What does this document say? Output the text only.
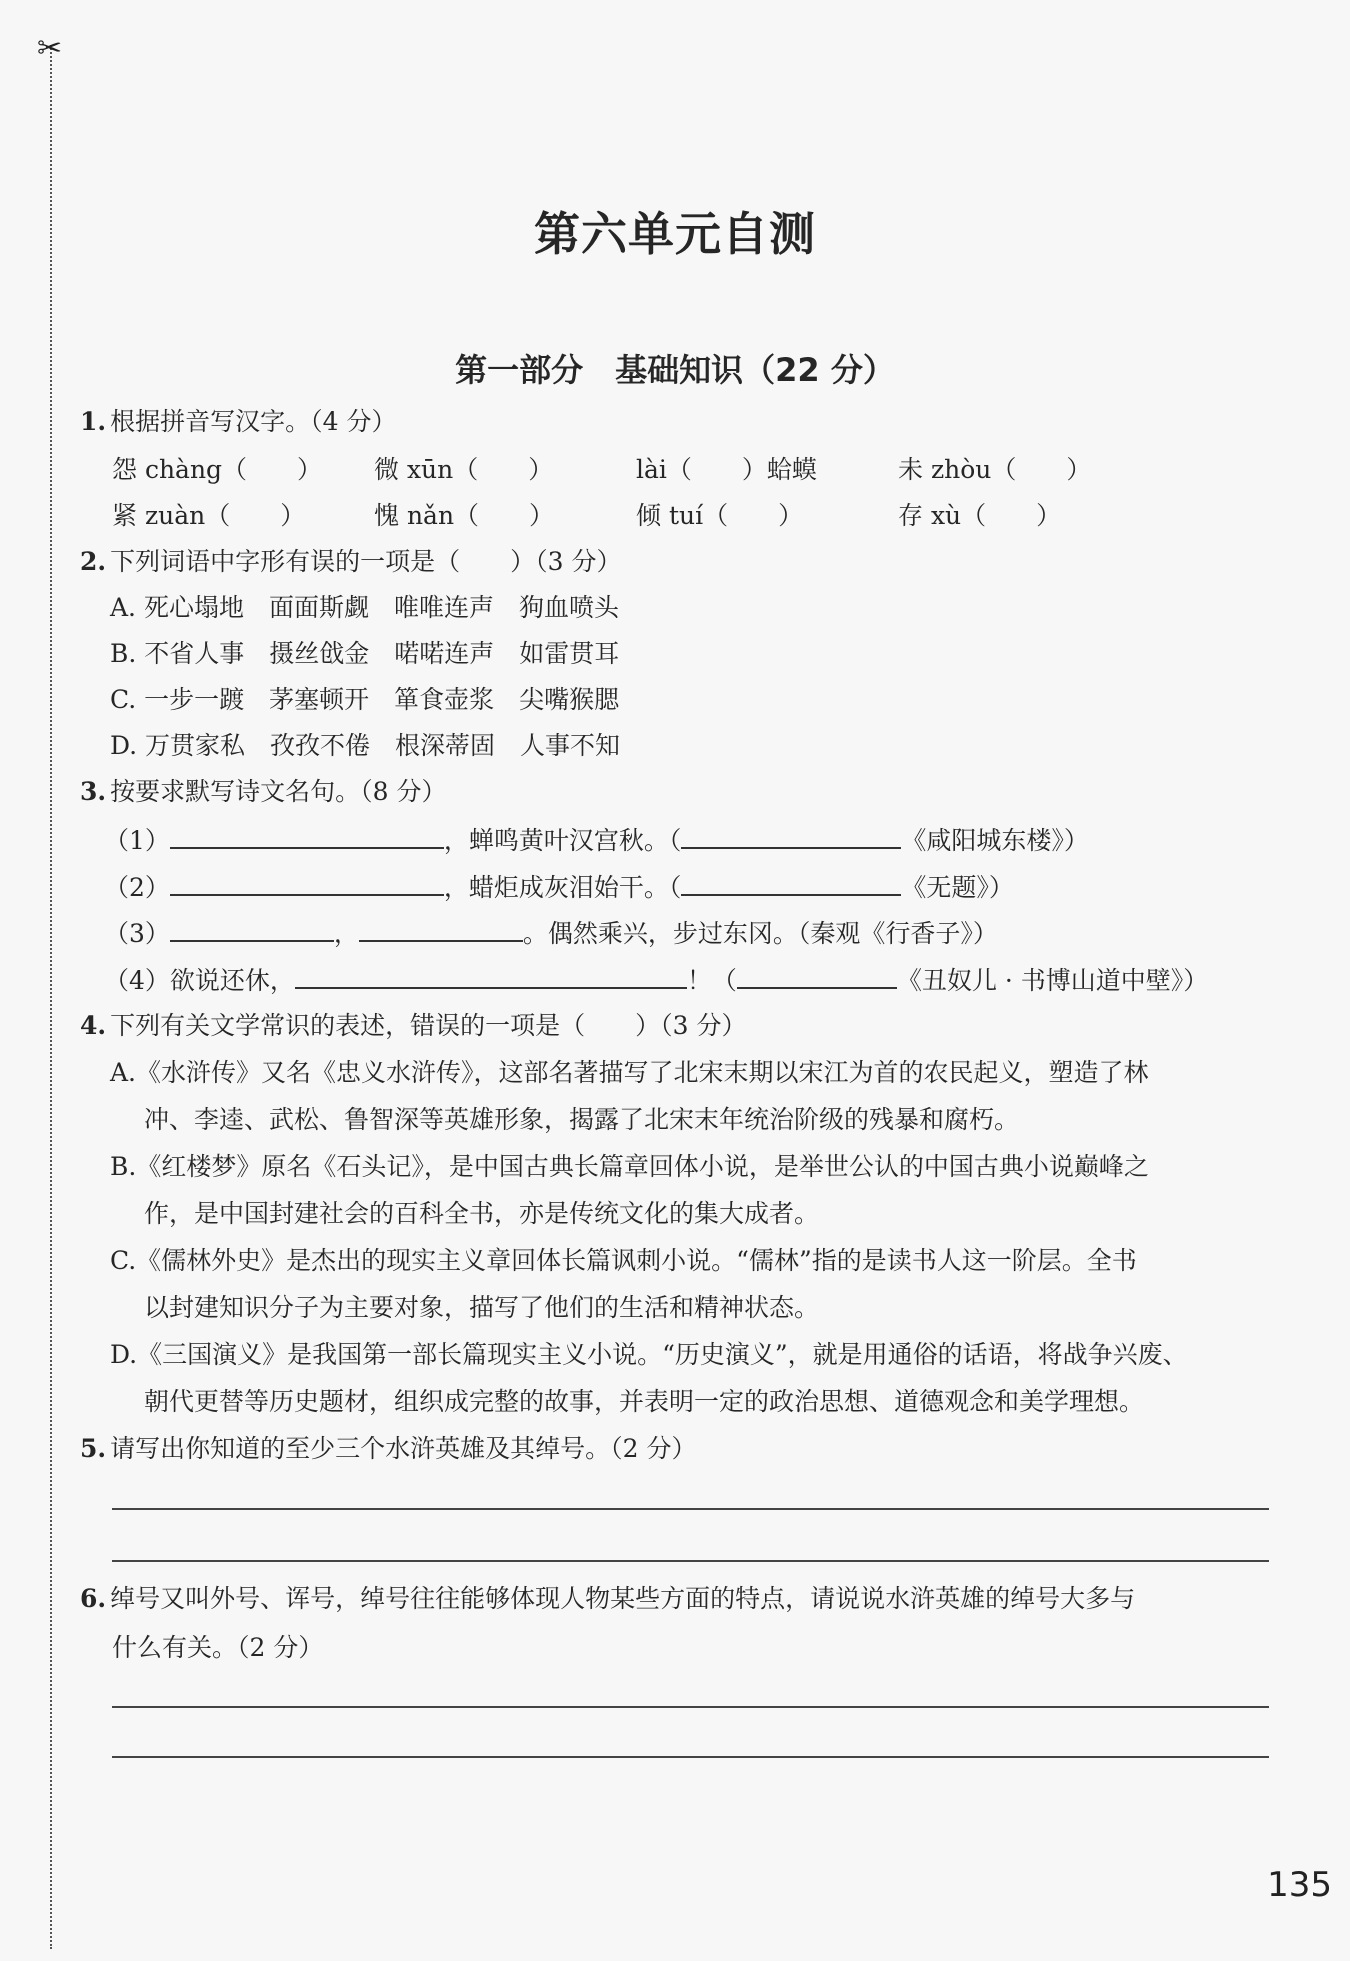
✂
第六单元自测
第一部分　基础知识（22 分）
1. 根据拼音写汉字。（4 分）
怨 chàng（　　） 微 xūn（　　）	lài（　　）蛤蟆	未 zhòu（　　）
紧 zuàn（　　）	愧 nǎn（　　）	倾 tuí（　　）	存 xù（　　）
2. 下列词语中字形有误的一项是（　　）（3 分）
A. 死心塌地　面面斯觑　唯唯连声　狗血喷头
B. 不省人事　摄丝戗金　喏喏连声　如雷贯耳
C. 一步一踱　茅塞顿开　箪食壶浆　尖嘴猴腮
D. 万贯家私　孜孜不倦　根深蒂固　人事不知
3. 按要求默写诗文名句。（8 分）
（1）	，蝉鸣黄叶汉宫秋。（	《咸阳城东楼》）
（2）	，蜡炬成灰泪始干。（	《无题》）
（3）	，	。偶然乘兴，步过东冈。（秦观《行香子》）
（4）欲说还休，	！（	《丑奴儿 · 书博山道中壁》）
4. 下列有关文学常识的表述，错误的一项是（　　）（3 分）
A.《水浒传》又名《忠义水浒传》，这部名著描写了北宋末期以宋江为首的农民起义，塑造了林
冲、李逵、武松、鲁智深等英雄形象，揭露了北宋末年统治阶级的残暴和腐朽。
B.《红楼梦》原名《石头记》，是中国古典长篇章回体小说，是举世公认的中国古典小说巅峰之
作，是中国封建社会的百科全书，亦是传统文化的集大成者。
C.《儒林外史》是杰出的现实主义章回体长篇讽刺小说。“儒林”指的是读书人这一阶层。全书
以封建知识分子为主要对象，描写了他们的生活和精神状态。
D.《三国演义》是我国第一部长篇现实主义小说。“历史演义”，就是用通俗的话语，将战争兴废、
朝代更替等历史题材，组织成完整的故事，并表明一定的政治思想、道德观念和美学理想。
5. 请写出你知道的至少三个水浒英雄及其绰号。（2 分）
6. 绰号又叫外号、诨号，绰号往往能够体现人物某些方面的特点，请说说水浒英雄的绰号大多与
什么有关。（2 分）
135
